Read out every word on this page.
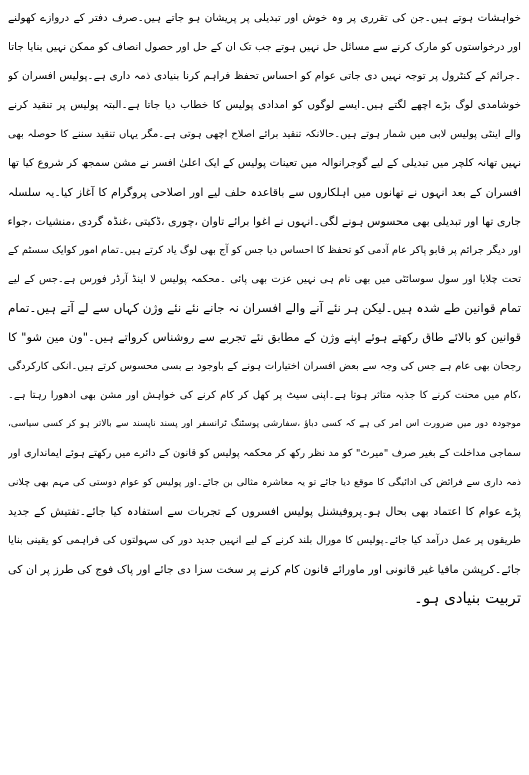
خواہشات ہوتے ہیں۔جن کی تقرری پر وہ خوش اور تبدیلی پر پریشان ہو جاتے ہیں۔صرف دفتر کے دروازے کھولنے
اور درخواستوں کو مارک کرنے سے مسائل حل نہیں ہوتے جب تک ان کے حل اور حصول انصاف کو ممکن نہیں بنایا جاتا
۔جرائم کے کنٹرول پر توجہ نہیں دی جاتی عوام کو احساس تحفظ فراہم کرنا بنیادی ذمہ داری ہے۔پولیس افسران کو
خوشامدی لوگ بڑے اچھے لگتے ہیں۔ایسے لوگوں کو امدادی پولیس کا خطاب دیا جاتا ہے۔البتہ پولیس پر تنقید کرنے
والے اینٹی پولیس لابی میں شمار ہوتے ہیں۔حالانکہ تنقید برائے اصلاح اچھی ہوتی ہے۔مگر یہاں تنقید سننے کا حوصلہ بھی
نہیں تھانہ کلچر میں تبدیلی کے لیے گوجرانوالہ میں تعینات پولیس کے ایک اعلیٰ افسر نے مشن سمجھ کر شروع کیا تھا
افسران کے بعد انہوں نے تھانوں میں اہلکاروں سے باقاعدہ حلف لیے اور اصلاحی پروگرام کا آغاز کیا۔یہ سلسلہ
جاری تھا اور تبدیلی بھی محسوس ہونے لگی۔انہوں نے اغوا برائے تاوان ،چوری ،ڈکیتی ،غنڈہ گردی ،منشیات ،جواء
اور دیگر جرائم پر قابو پاکر عام آدمی کو تحفظ کا احساس دیا جس کو آج بھی لوگ یاد کرتے ہیں۔تمام امور کوایک سسٹم کے
تحت چلایا اور سول سوسائٹی میں بھی نام ہی نہیں عزت بھی پائی ۔محکمہ پولیس لا اینڈ آرڈر فورس ہے۔جس کے لیے
تمام قوانین طے شدہ ہیں۔لیکن ہر نئے آنے والے افسران نہ جانے نئے نئے وژن کہاں سے لے آتے ہیں۔تمام
قوانین کو بالائے طاق رکھتے ہوئے اپنے وژن کے مطابق نئے تجربے سے روشناس کرواتے ہیں۔"ون مین شو" کا
رجحان بھی عام ہے جس کی وجہ سے بعض افسران اختیارات ہونے کے باوجود بے بسی محسوس کرتے ہیں۔انکی کارکردگی
،کام میں محنت کرنے کا جذبہ متاثر ہوتا ہے۔اپنی سیٹ پر کھل کر کام کرنے کی خواہش اور مشن بھی ادھورا رہتا ہے۔
موجودہ دور میں ضرورت اس امر کی ہے کہ کسی دباؤ ،سفارشی پوسٹنگ ٹرانسفر اور پسند ناپسند سے بالاتر ہو کر کسی سیاسی،
سماجی مداخلت کے بغیر صرف "میرٹ" کو مد نظر رکھ کر محکمہ پولیس کو قانون کے دائرے میں رکھتے ہوئے ایمانداری اور
ذمہ داری سے فرائض کی ادائیگی کا موقع دیا جائے تو یہ معاشرہ مثالی بن جائے۔اور پولیس کو عوام دوستی کی مہم بھی چلانی
پڑے عوام کا اعتماد بھی بحال ہو۔پروفیشنل پولیس افسروں کے تجربات سے استفادہ کیا جائے۔تفتیش کے جدید
طریقوں پر عمل درآمد کیا جائے۔پولیس کا مورال بلند کرنے کے لیے انہیں جدید دور کی سہولتوں کی فراہمی کو یقینی بنایا
جائے۔کرپشن مافیا غیر قانونی اور ماورائے قانون کام کرنے پر سخت سزا دی جائے اور پاک فوج کی طرز پر ان کی
تربیت بنیادی ہو۔
